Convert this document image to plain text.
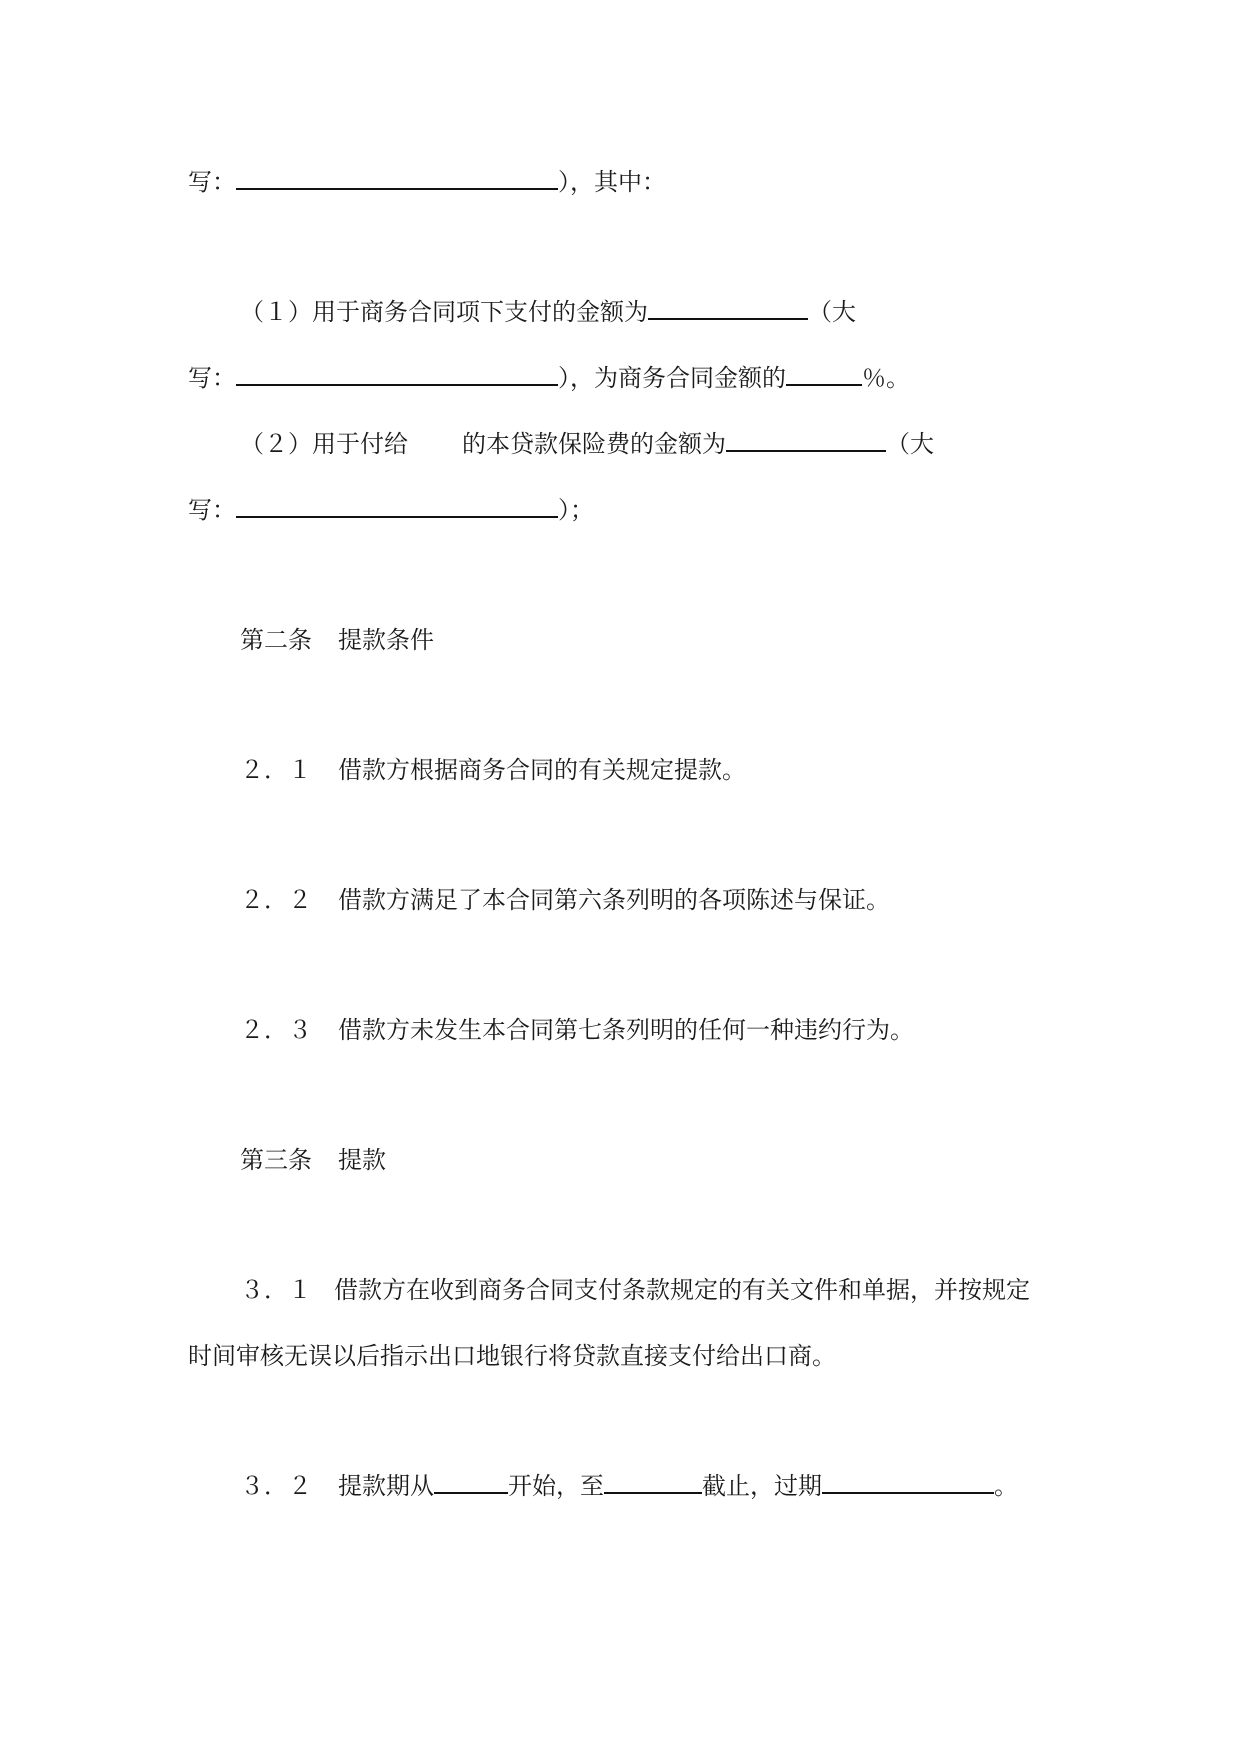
写：	），其中：
（１）用于商务合同项下支付的金额为	（大
写：	），为商务合同金额的	％。
（２）用于付给 的本贷款保险费的金额为	（大
写：	）；
第二条 提款条件
２．１ 借款方根据商务合同的有关规定提款。
２．２ 借款方满足了本合同第六条列明的各项陈述与保证。
２．３ 借款方未发生本合同第七条列明的任何一种违约行为。
第三条 提款
３．１ 借款方在收到商务合同支付条款规定的有关文件和单据，并按规定
时间审核无误以后指示出口地银行将贷款直接支付给出口商。
３．２ 提款期从	开始，至	截止，过期	。
